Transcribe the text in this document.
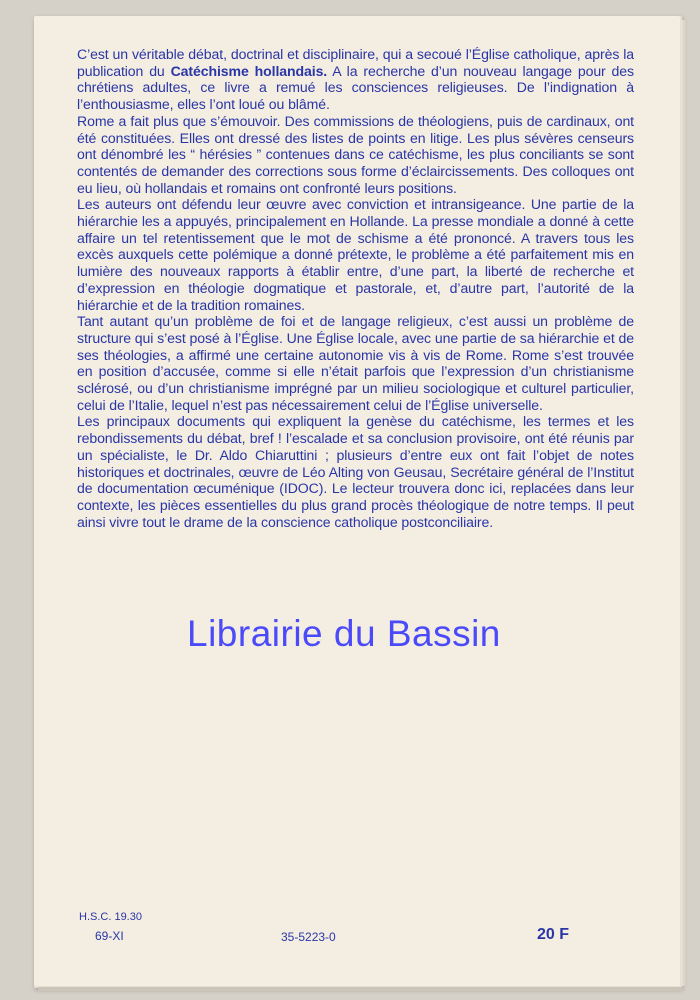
C’est un véritable débat, doctrinal et disciplinaire, qui a secoué l’Église catholique, après la publication du Catéchisme hollandais. A la recherche d’un nouveau langage pour des chrétiens adultes, ce livre a remué les consciences religieuses. De l’indignation à l’enthousiasme, elles l’ont loué ou blâmé.

Rome a fait plus que s’émouvoir. Des commissions de théologiens, puis de cardinaux, ont été constituées. Elles ont dressé des listes de points en litige. Les plus sévères censeurs ont dénombré les “ hérésies ” contenues dans ce catéchisme, les plus conciliants se sont contentés de demander des corrections sous forme d’éclaircissements. Des colloques ont eu lieu, où hollandais et romains ont confronté leurs positions.

Les auteurs ont défendu leur œuvre avec conviction et intransigeance. Une partie de la hiérarchie les a appuyés, principalement en Hollande. La presse mondiale a donné à cette affaire un tel retentissement que le mot de schisme a été prononcé. A travers tous les excès auxquels cette polémique a donné prétexte, le problème a été parfaitement mis en lumière des nouveaux rapports à établir entre, d’une part, la liberté de recherche et d’expression en théologie dogmatique et pastorale, et, d’autre part, l’autorité de la hiérarchie et de la tradition romaines.

Tant autant qu’un problème de foi et de langage religieux, c’est aussi un problème de structure qui s’est posé à l’Église. Une Église locale, avec une partie de sa hiérarchie et de ses théologies, a affirmé une certaine autonomie vis à vis de Rome. Rome s’est trouvée en position d’accusée, comme si elle n’était parfois que l’expression d’un christianisme sclérosé, ou d’un christianisme imprégné par un milieu sociologique et culturel particulier, celui de l’Italie, lequel n’est pas nécessairement celui de l’Église universelle.

Les principaux documents qui expliquent la genèse du catéchisme, les termes et les rebondissements du débat, bref ! l’escalade et sa conclusion provisoire, ont été réunis par un spécialiste, le Dr. Aldo Chiaruttini ; plusieurs d’entre eux ont fait l’objet de notes historiques et doctrinales, œuvre de Léo Alting von Geusau, Secrétaire général de l’Institut de documentation œcuménique (IDOC). Le lecteur trouvera donc ici, replacées dans leur contexte, les pièces essentielles du plus grand procès théologique de notre temps. Il peut ainsi vivre tout le drame de la conscience catholique postconciliaire.

Librairie du Bassin
H.S.C. 19.30
69-XI	35-5223-0	20 F
